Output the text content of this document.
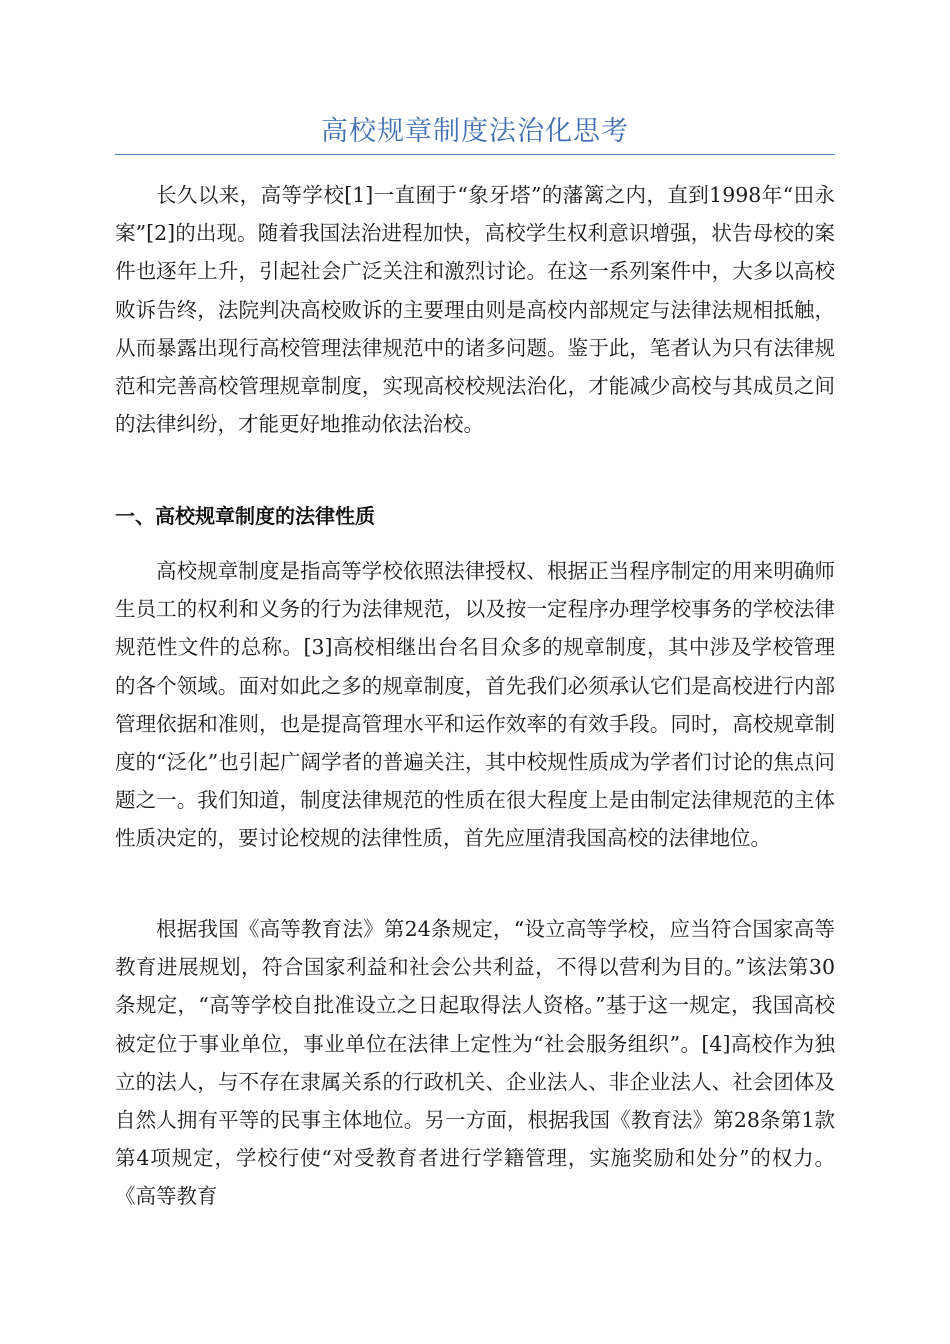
高校规章制度法治化思考

长久以来，高等学校[1]一直囿于“象牙塔”的藩篱之内，直到1998年“田永案”[2]的出现。随着我国法治进程加快，高校学生权利意识增强，状告母校的案件也逐年上升，引起社会广泛关注和激烈讨论。在这一系列案件中，大多以高校败诉告终，法院判决高校败诉的主要理由则是高校内部规定与法律法规相抵触，从而暴露出现行高校管理法律规范中的诸多问题。鉴于此，笔者认为只有法律规范和完善高校管理规章制度，实现高校校规法治化，才能减少高校与其成员之间的法律纠纷，才能更好地推动依法治校。

一、高校规章制度的法律性质

高校规章制度是指高等学校依照法律授权、根据正当程序制定的用来明确师生员工的权利和义务的行为法律规范，以及按一定程序办理学校事务的学校法律规范性文件的总称。[3]高校相继出台名目众多的规章制度，其中涉及学校管理的各个领域。面对如此之多的规章制度，首先我们必须承认它们是高校进行内部管理依据和准则，也是提高管理水平和运作效率的有效手段。同时，高校规章制度的“泛化”也引起广阔学者的普遍关注，其中校规性质成为学者们讨论的焦点问题之一。我们知道，制度法律规范的性质在很大程度上是由制定法律规范的主体性质决定的，要讨论校规的法律性质，首先应厘清我国高校的法律地位。

根据我国《高等教育法》第24条规定，“设立高等学校，应当符合国家高等教育进展规划，符合国家利益和社会公共利益，不得以营利为目的。”该法第30条规定，“高等学校自批准设立之日起取得法人资格。”基于这一规定，我国高校被定位于事业单位，事业单位在法律上定性为“社会服务组织”。[4]高校作为独立的法人，与不存在隶属关系的行政机关、企业法人、非企业法人、社会团体及自然人拥有平等的民事主体地位。另一方面，根据我国《教育法》第28条第1款第4项规定，学校行使“对受教育者进行学籍管理，实施奖励和处分”的权力。《高等教育
